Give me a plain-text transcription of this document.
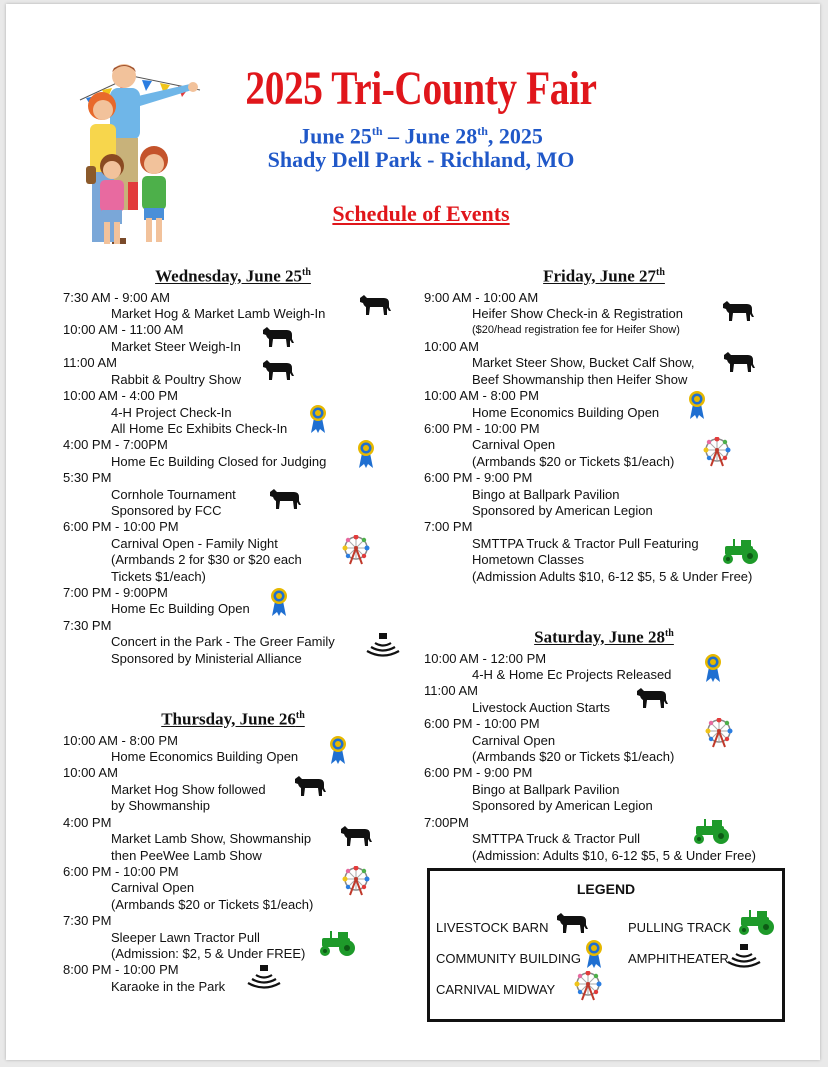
2025 Tri-County Fair
June 25th – June 28th, 2025
Shady Dell Park - Richland, MO
Schedule of Events
Wednesday, June 25th
7:30 AM - 9:00 AM
Market Hog & Market Lamb Weigh-In
10:00 AM - 11:00 AM
Market Steer Weigh-In
11:00 AM
Rabbit & Poultry Show
10:00 AM - 4:00 PM
4-H Project Check-In
All Home Ec Exhibits Check-In
4:00 PM - 7:00PM
Home Ec Building Closed for Judging
5:30 PM
Cornhole Tournament
Sponsored by FCC
6:00 PM - 10:00 PM
Carnival Open - Family Night
(Armbands 2 for $30 or $20 each
Tickets $1/each)
7:00 PM - 9:00PM
Home Ec Building Open
7:30 PM
Concert in the Park - The Greer Family
Sponsored by Ministerial Alliance
Thursday, June 26th
10:00 AM - 8:00 PM
Home Economics Building Open
10:00 AM
Market Hog Show followed
by Showmanship
4:00 PM
Market Lamb Show, Showmanship
then PeeWee Lamb Show
6:00 PM - 10:00 PM
Carnival Open
(Armbands $20 or Tickets $1/each)
7:30 PM
Sleeper Lawn Tractor Pull
(Admission: $2, 5 & Under FREE)
8:00 PM - 10:00 PM
Karaoke in the Park
Friday, June 27th
9:00 AM - 10:00 AM
Heifer Show Check-in & Registration
($20/head registration fee for Heifer Show)
10:00 AM
Market Steer Show, Bucket Calf Show,
Beef Showmanship then Heifer Show
10:00 AM - 8:00 PM
Home Economics Building Open
6:00 PM - 10:00 PM
Carnival Open
(Armbands $20 or Tickets $1/each)
6:00 PM - 9:00 PM
Bingo at Ballpark Pavilion
Sponsored by American Legion
7:00 PM
SMTTPA Truck & Tractor Pull Featuring
Hometown Classes
(Admission Adults $10, 6-12 $5, 5 & Under Free)
Saturday, June 28th
10:00 AM - 12:00 PM
4-H & Home Ec Projects Released
11:00 AM
Livestock Auction Starts
6:00 PM - 10:00 PM
Carnival Open
(Armbands $20 or Tickets $1/each)
6:00 PM - 9:00 PM
Bingo at Ballpark Pavilion
Sponsored by American Legion
7:00PM
SMTTPA Truck & Tractor Pull
(Admission: Adults $10, 6-12 $5, 5 & Under Free)
LEGEND
LIVESTOCK BARN
COMMUNITY BUILDING
CARNIVAL MIDWAY
PULLING TRACK
AMPHITHEATER
